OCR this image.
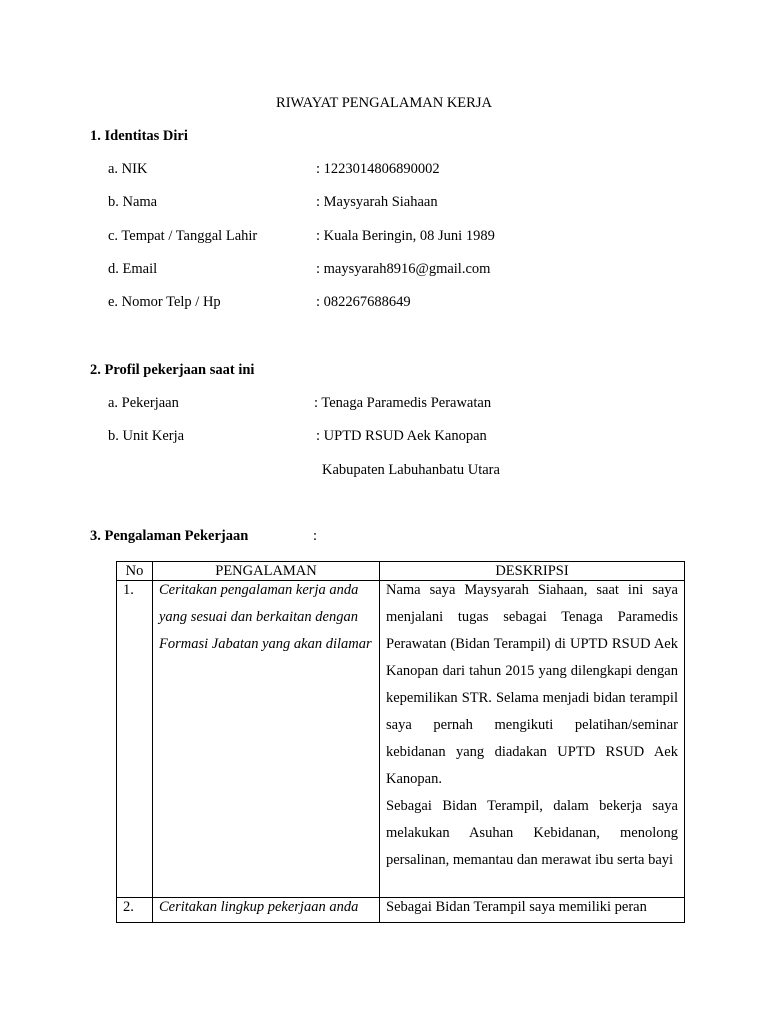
RIWAYAT PENGALAMAN KERJA
1. Identitas Diri
a. NIK	: 1223014806890002
b. Nama	: Maysyarah Siahaan
c. Tempat / Tanggal Lahir	: Kuala Beringin, 08 Juni 1989
d. Email	: maysyarah8916@gmail.com
e. Nomor Telp / Hp	: 082267688649
2. Profil pekerjaan saat ini
a. Pekerjaan	: Tenaga Paramedis Perawatan
b. Unit Kerja	: UPTD RSUD Aek Kanopan
Kabupaten Labuhanbatu Utara
3. Pengalaman Pekerjaan	:
No	PENGALAMAN	DESKRIPSI
1.	Ceritakan pengalaman kerja anda yang sesuai dan berkaitan dengan Formasi Jabatan yang akan dilamar	Nama saya Maysyarah Siahaan, saat ini saya menjalani tugas sebagai Tenaga Paramedis Perawatan (Bidan Terampil) di UPTD RSUD Aek Kanopan dari tahun 2015 yang dilengkapi dengan kepemilikan STR. Selama menjadi bidan terampil saya pernah mengikuti pelatihan/seminar kebidanan yang diadakan UPTD RSUD Aek Kanopan.
Sebagai Bidan Terampil, dalam bekerja saya melakukan Asuhan Kebidanan, menolong persalinan, memantau dan merawat ibu serta bayi

2.	Ceritakan lingkup pekerjaan anda	Sebagai Bidan Terampil saya memiliki peran
